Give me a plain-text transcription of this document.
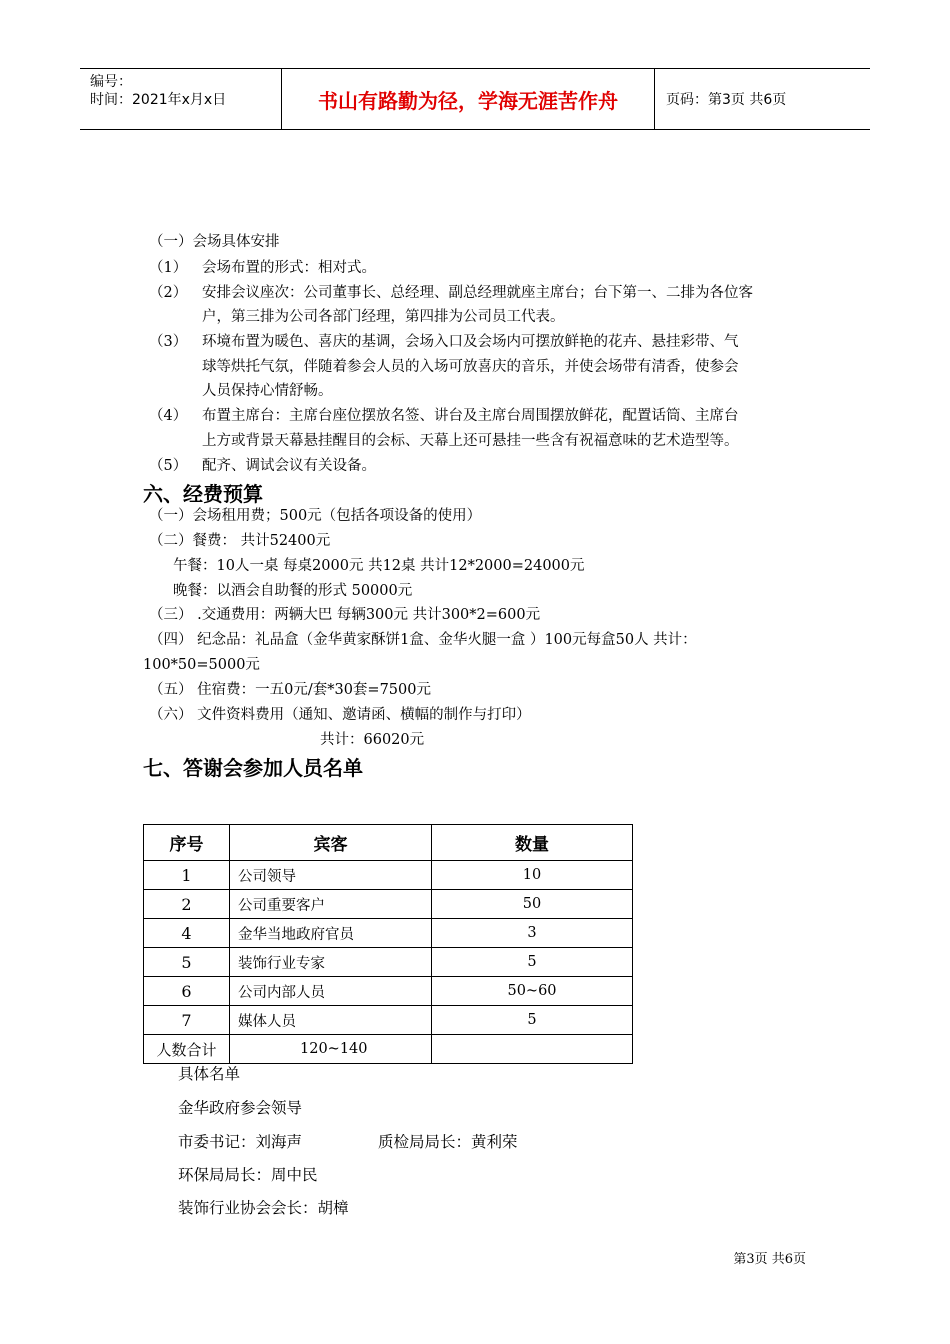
编号：
时间：2021年x月x日	书山有路勤为径，学海无涯苦作舟	页码：第3页 共6页
（一）会场具体安排
（1） 会场布置的形式：相对式。
（2） 安排会议座次：公司董事长、总经理、副总经理就座主席台；台下第一、二排为各位客
户，第三排为公司各部门经理，第四排为公司员工代表。
（3） 环境布置为暖色、喜庆的基调，会场入口及会场内可摆放鲜艳的花卉、悬挂彩带、气
球等烘托气氛，伴随着参会人员的入场可放喜庆的音乐，并使会场带有清香，使参会
人员保持心情舒畅。
（4） 布置主席台：主席台座位摆放名签、讲台及主席台周围摆放鲜花，配置话筒、主席台
上方或背景天幕悬挂醒目的会标、天幕上还可悬挂一些含有祝福意味的艺术造型等。
（5） 配齐、调试会议有关设备。
六、经费预算
（一）会场租用费；500元（包括各项设备的使用）
（二）餐费： 共计52400元
午餐：10人一桌 每桌2000元 共12桌 共计12*2000=24000元
晚餐：以酒会自助餐的形式 50000元
（三） .交通费用：两辆大巴 每辆300元 共计300*2=600元
（四） 纪念品：礼品盒（金华黄家酥饼1盒、金华火腿一盒 ）100元每盒50人 共计：
100*50=5000元
（五） 住宿费：一五0元/套*30套=7500元
（六） 文件资料费用（通知、邀请函、横幅的制作与打印）
共计：66020元
七、答谢会参加人员名单
序号	宾客	数量
1	公司领导	10
2	公司重要客户	50
4	金华当地政府官员	3
5	装饰行业专家	5
6	公司内部人员	50~60
7	媒体人员	5
人数合计	120~140	
具体名单
金华政府参会领导
市委书记：刘海声	质检局局长：黄利荣
环保局局长：周中民
装饰行业协会会长：胡樟
第3页 共6页
